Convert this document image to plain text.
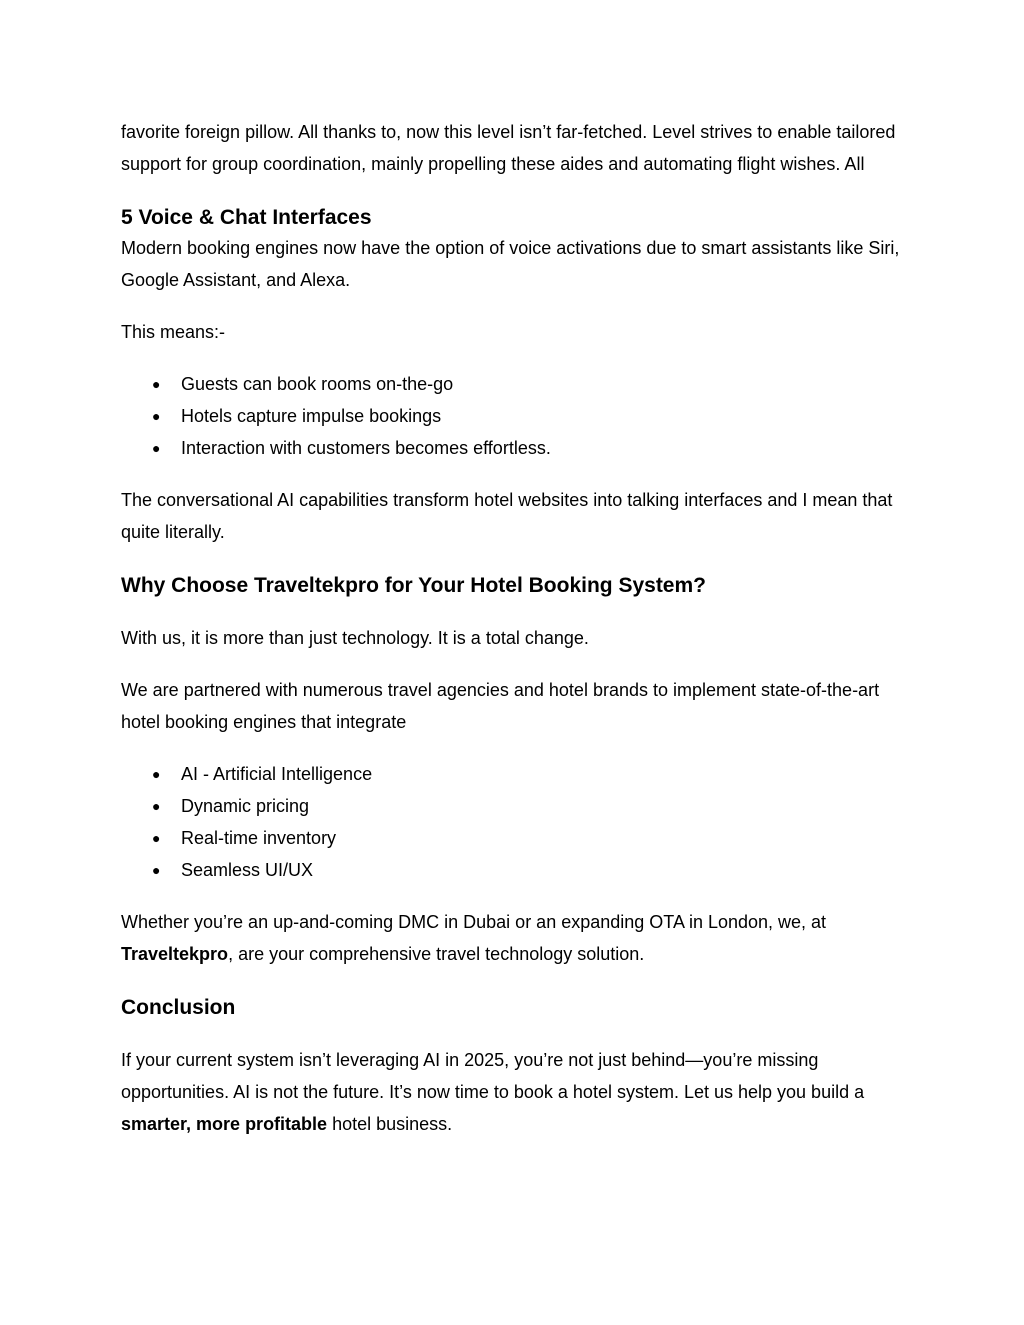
favorite foreign pillow. All thanks to, now this level isn’t far-fetched. Level strives to enable tailored support for group coordination, mainly propelling these aides and automating flight wishes. All

5 Voice & Chat Interfaces

Modern booking engines now have the option of voice activations due to smart assistants like Siri, Google Assistant, and Alexa.

This means:-

● Guests can book rooms on-the-go
● Hotels capture impulse bookings
● Interaction with customers becomes effortless.

The conversational AI capabilities transform hotel websites into talking interfaces and I mean that quite literally.

Why Choose Traveltekpro for Your Hotel Booking System?

With us, it is more than just technology. It is a total change.

We are partnered with numerous travel agencies and hotel brands to implement state-of-the-art hotel booking engines that integrate

● AI - Artificial Intelligence
● Dynamic pricing
● Real-time inventory
● Seamless UI/UX

Whether you’re an up-and-coming DMC in Dubai or an expanding OTA in London, we, at Traveltekpro, are your comprehensive travel technology solution.

Conclusion

If your current system isn’t leveraging AI in 2025, you’re not just behind—you’re missing opportunities. AI is not the future. It’s now time to book a hotel system. Let us help you build a smarter, more profitable hotel business.
